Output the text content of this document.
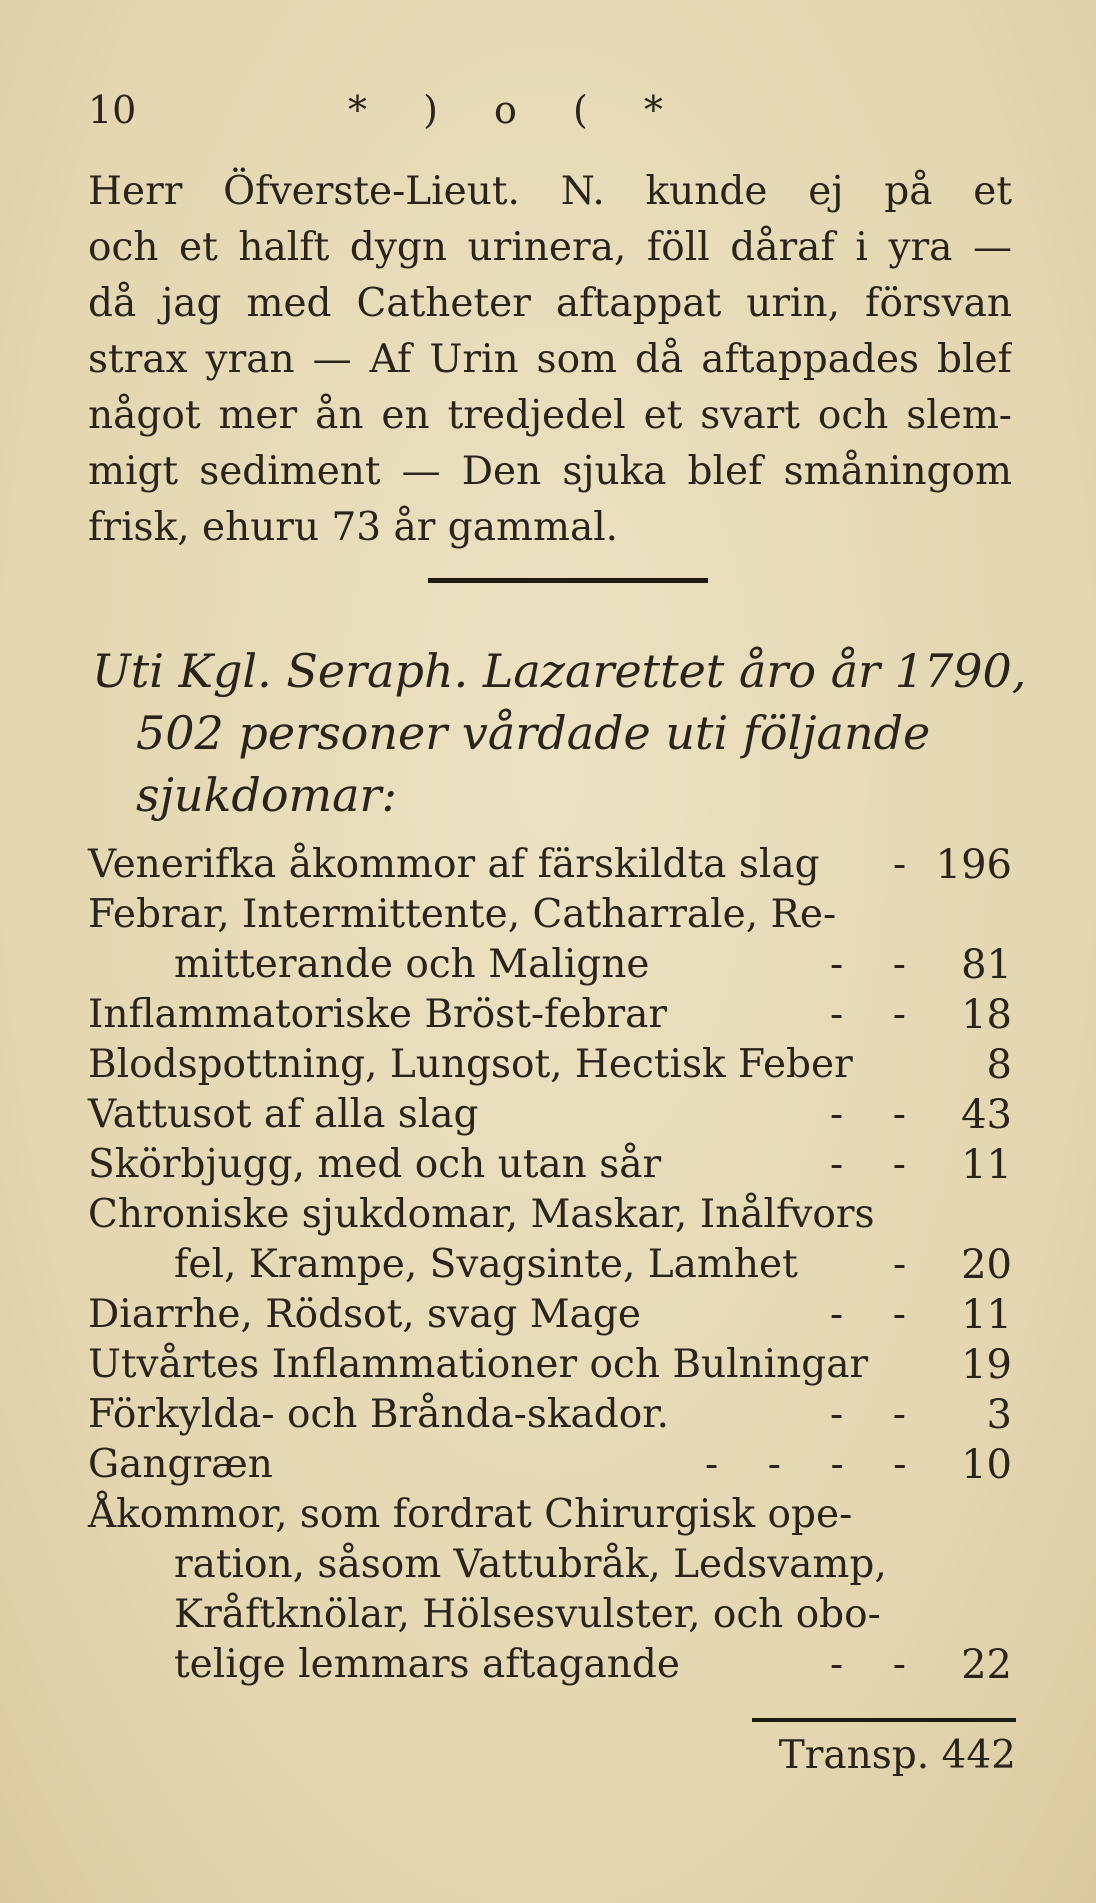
10	* ) o ( *
Herr Öfverste-Lieut. N. kunde ej på et
och et halft dygn urinera, föll dåraf i yra —
då jag med Catheter aftappat urin, försvan
strax yran — Af Urin som då aftappades blef
något mer ån en tredjedel et svart och slem-
migt sediment — Den sjuka blef småningom
frisk, ehuru 73 år gammal.
Uti Kgl. Seraph. Lazarettet åro år 1790,
502 personer vårdade uti följande
sjukdomar:
Venerifka åkommor af färskildta slag - 196
Febrar, Intermittente, Catharrale, Re-
mitterande och Maligne	-    -	81
Inflammatoriske Bröst-febrar	-    -	18
Blodspottning, Lungsot, Hectisk Feber	8
Vattusot af alla slag	-    -	43
Skörbjugg, med och utan sår	-    -	11
Chroniske sjukdomar, Maskar, Inålfvors
fel, Krampe, Svagsinte, Lamhet -	20
Diarrhe, Rödsot, svag Mage	-    -	11
Utvårtes Inflammationer och Bulningar	19
Förkylda- och Brånda-skador.	-    -	3
Gangræn	-    -    -    -	10
Åkommor, som fordrat Chirurgisk ope-
ration, såsom Vattubråk, Ledsvamp,
Kråftknölar, Hölsesvulster, och obo-
telige lemmars aftagande	-    -	22
Transp. 442
